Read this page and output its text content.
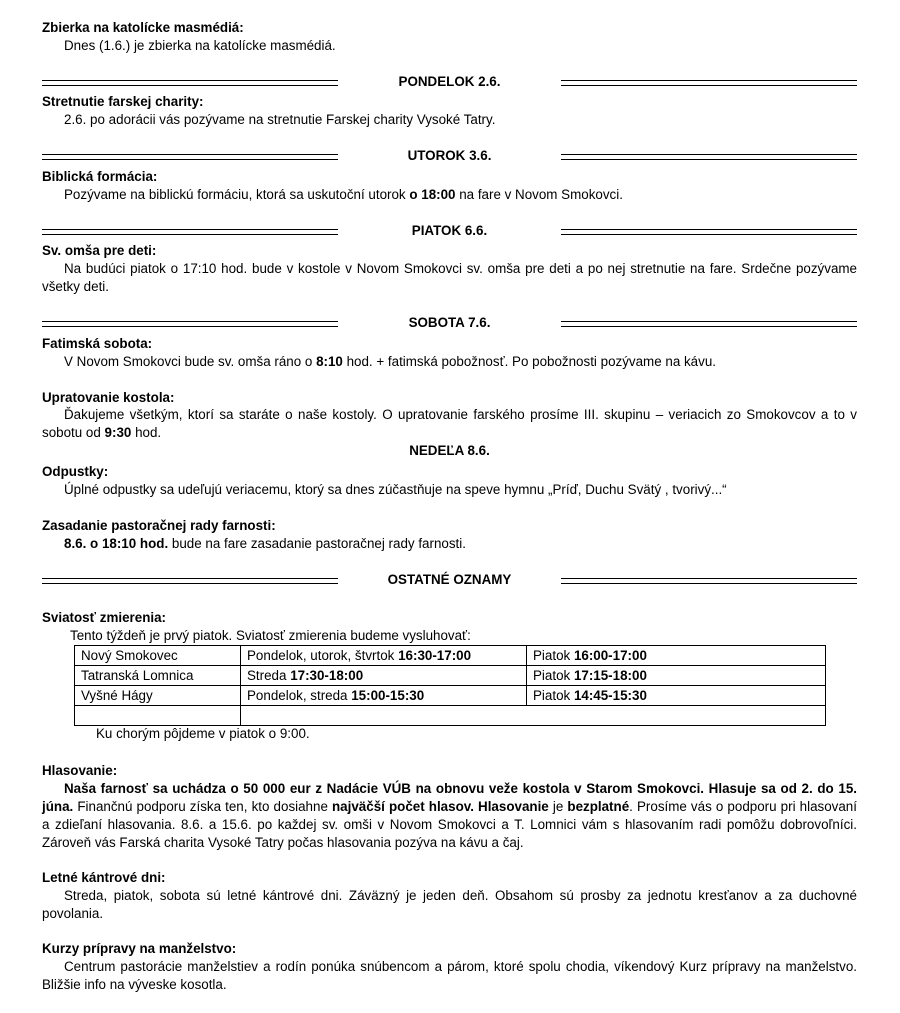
Zbierka na katolícke masmédiá:
Dnes (1.6.) je zbierka na katolícke masmédiá.
PONDELOK 2.6.
Stretnutie farskej charity:
2.6. po adorácii vás pozývame na stretnutie Farskej charity Vysoké Tatry.
UTOROK 3.6.
Biblická formácia:
Pozývame na biblickú formáciu, ktorá sa uskutoční utorok o 18:00 na fare v Novom Smokovci.
PIATOK 6.6.
Sv. omša pre deti:
Na budúci piatok o 17:10 hod. bude v kostole v Novom Smokovci sv. omša pre deti a po nej stretnutie na fare. Srdečne pozývame všetky deti.
SOBOTA 7.6.
Fatimská sobota:
V Novom Smokovci bude sv. omša ráno o 8:10 hod. + fatimská pobožnosť. Po pobožnosti pozývame na kávu.
Upratovanie kostola:
Ďakujeme všetkým, ktorí sa staráte o naše kostoly. O upratovanie farského prosíme III. skupinu – veriacich zo Smokovcov a to v sobotu od 9:30 hod.
NEDEĽA 8.6.
Odpustky:
Úplné odpustky sa udeľujú veriacemu, ktorý sa dnes zúčastňuje na speve hymnu „Príď, Duchu Svätý , tvorivý...“
Zasadanie pastoračnej rady farnosti:
8.6. o 18:10 hod. bude na fare zasadanie pastoračnej rady farnosti.
OSTATNÉ OZNAMY
Sviatosť zmierenia:
Tento týždeň je prvý piatok. Sviatosť zmierenia budeme vysluhovať:
Nový Smokovec	Pondelok, utorok, štvrtok 16:30-17:00	Piatok 16:00-17:00
Tatranská Lomnica	Streda 17:30-18:00	Piatok 17:15-18:00
Vyšné Hágy	Pondelok, streda 15:00-15:30	Piatok 14:45-15:30

Ku chorým pôjdeme v piatok o 9:00.
Hlasovanie:
Naša farnosť sa uchádza o 50 000 eur z Nadácie VÚB na obnovu veže kostola v Starom Smokovci. Hlasuje sa od 2. do 15. júna. Finančnú podporu získa ten, kto dosiahne najväčší počet hlasov. Hlasovanie je bezplatné. Prosíme vás o podporu pri hlasovaní a zdieľaní hlasovania. 8.6. a 15.6. po každej sv. omši v Novom Smokovci a T. Lomnici vám s hlasovaním radi pomôžu dobrovoľníci. Zároveň vás Farská charita Vysoké Tatry počas hlasovania pozýva na kávu a čaj.
Letné kántrové dni:
Streda, piatok, sobota sú letné kántrové dni. Záväzný je jeden deň. Obsahom sú prosby za jednotu kresťanov a za duchovné povolania.
Kurzy prípravy na manželstvo:
Centrum pastorácie manželstiev a rodín ponúka snúbencom a párom, ktoré spolu chodia, víkendový Kurz prípravy na manželstvo. Bližšie info na výveske kosotla.
